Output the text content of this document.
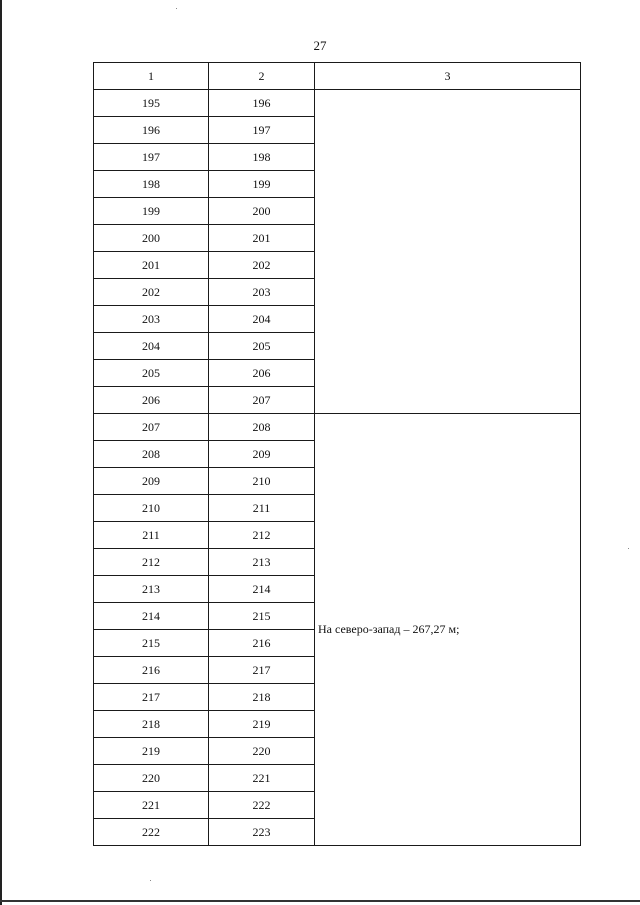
27
1	2	3
195	196	
196	197	
197	198	
198	199	
199	200	
200	201	
201	202	
202	203	
203	204	
204	205	
205	206	
206	207	
207	208	На северо-запад – 267,27 м;
208	209	
209	210	
210	211	
211	212	
212	213	
213	214	
214	215	
215	216	
216	217	
217	218	
218	219	
219	220	
220	221	
221	222	
222	223	
